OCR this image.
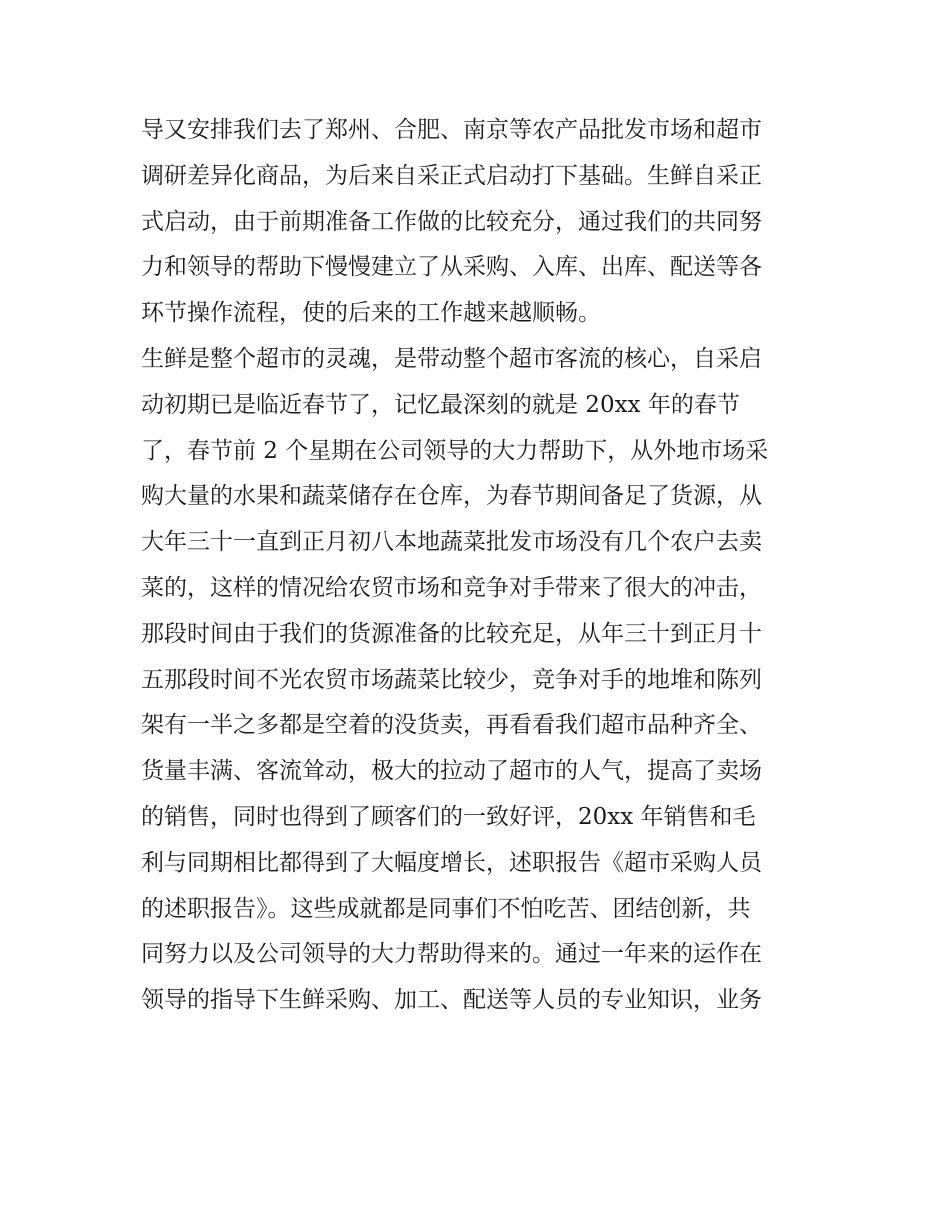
导又安排我们去了郑州、合肥、南京等农产品批发市场和超市
调研差异化商品，为后来自采正式启动打下基础。生鲜自采正
式启动，由于前期准备工作做的比较充分，通过我们的共同努
力和领导的帮助下慢慢建立了从采购、入库、出库、配送等各
环节操作流程，使的后来的工作越来越顺畅。
生鲜是整个超市的灵魂，是带动整个超市客流的核心，自采启
动初期已是临近春节了，记忆最深刻的就是 20xx 年的春节
了，春节前 2 个星期在公司领导的大力帮助下，从外地市场采
购大量的水果和蔬菜储存在仓库，为春节期间备足了货源，从
大年三十一直到正月初八本地蔬菜批发市场没有几个农户去卖
菜的，这样的情况给农贸市场和竞争对手带来了很大的冲击，
那段时间由于我们的货源准备的比较充足，从年三十到正月十
五那段时间不光农贸市场蔬菜比较少，竞争对手的地堆和陈列
架有一半之多都是空着的没货卖，再看看我们超市品种齐全、
货量丰满、客流耸动，极大的拉动了超市的人气，提高了卖场
的销售，同时也得到了顾客们的一致好评，20xx 年销售和毛
利与同期相比都得到了大幅度增长，述职报告《超市采购人员
的述职报告》。这些成就都是同事们不怕吃苦、团结创新，共
同努力以及公司领导的大力帮助得来的。通过一年来的运作在
领导的指导下生鲜采购、加工、配送等人员的专业知识，业务
